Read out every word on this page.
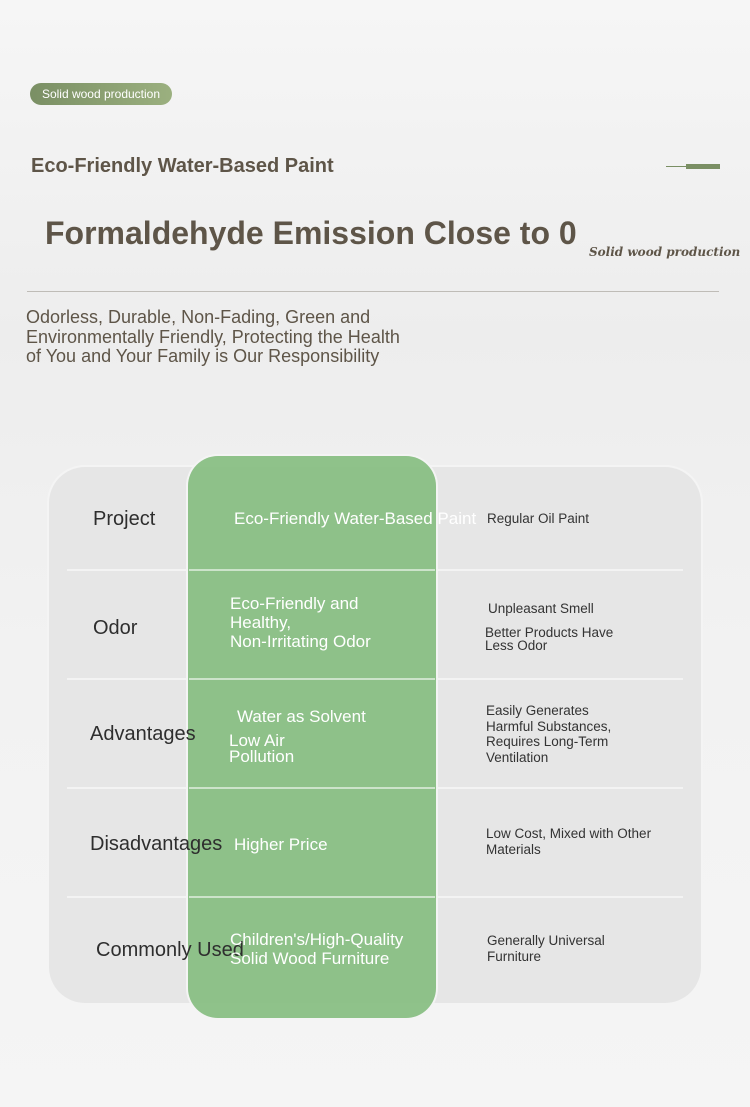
Solid wood production
Eco-Friendly Water-Based Paint
Formaldehyde Emission Close to 0
Solid wood production
Odorless, Durable, Non-Fading, Green and
Environmentally Friendly, Protecting the Health
of You and Your Family is Our Responsibility
Project	Eco-Friendly Water-Based Paint Regular Oil Paint
Odor
Eco-Friendly and
Healthy,
Non-Irritating Odor
Unpleasant Smell
Better Products Have
Less Odor
Advantages
Water as Solvent
Low Air
Pollution
Easily Generates
Harmful Substances,
Requires Long-Term
Ventilation
Disadvantages Higher Price
Low Cost, Mixed with Other
Materials
Commonly Used
Children's/High-Quality
Solid Wood Furniture
Generally Universal
Furniture
